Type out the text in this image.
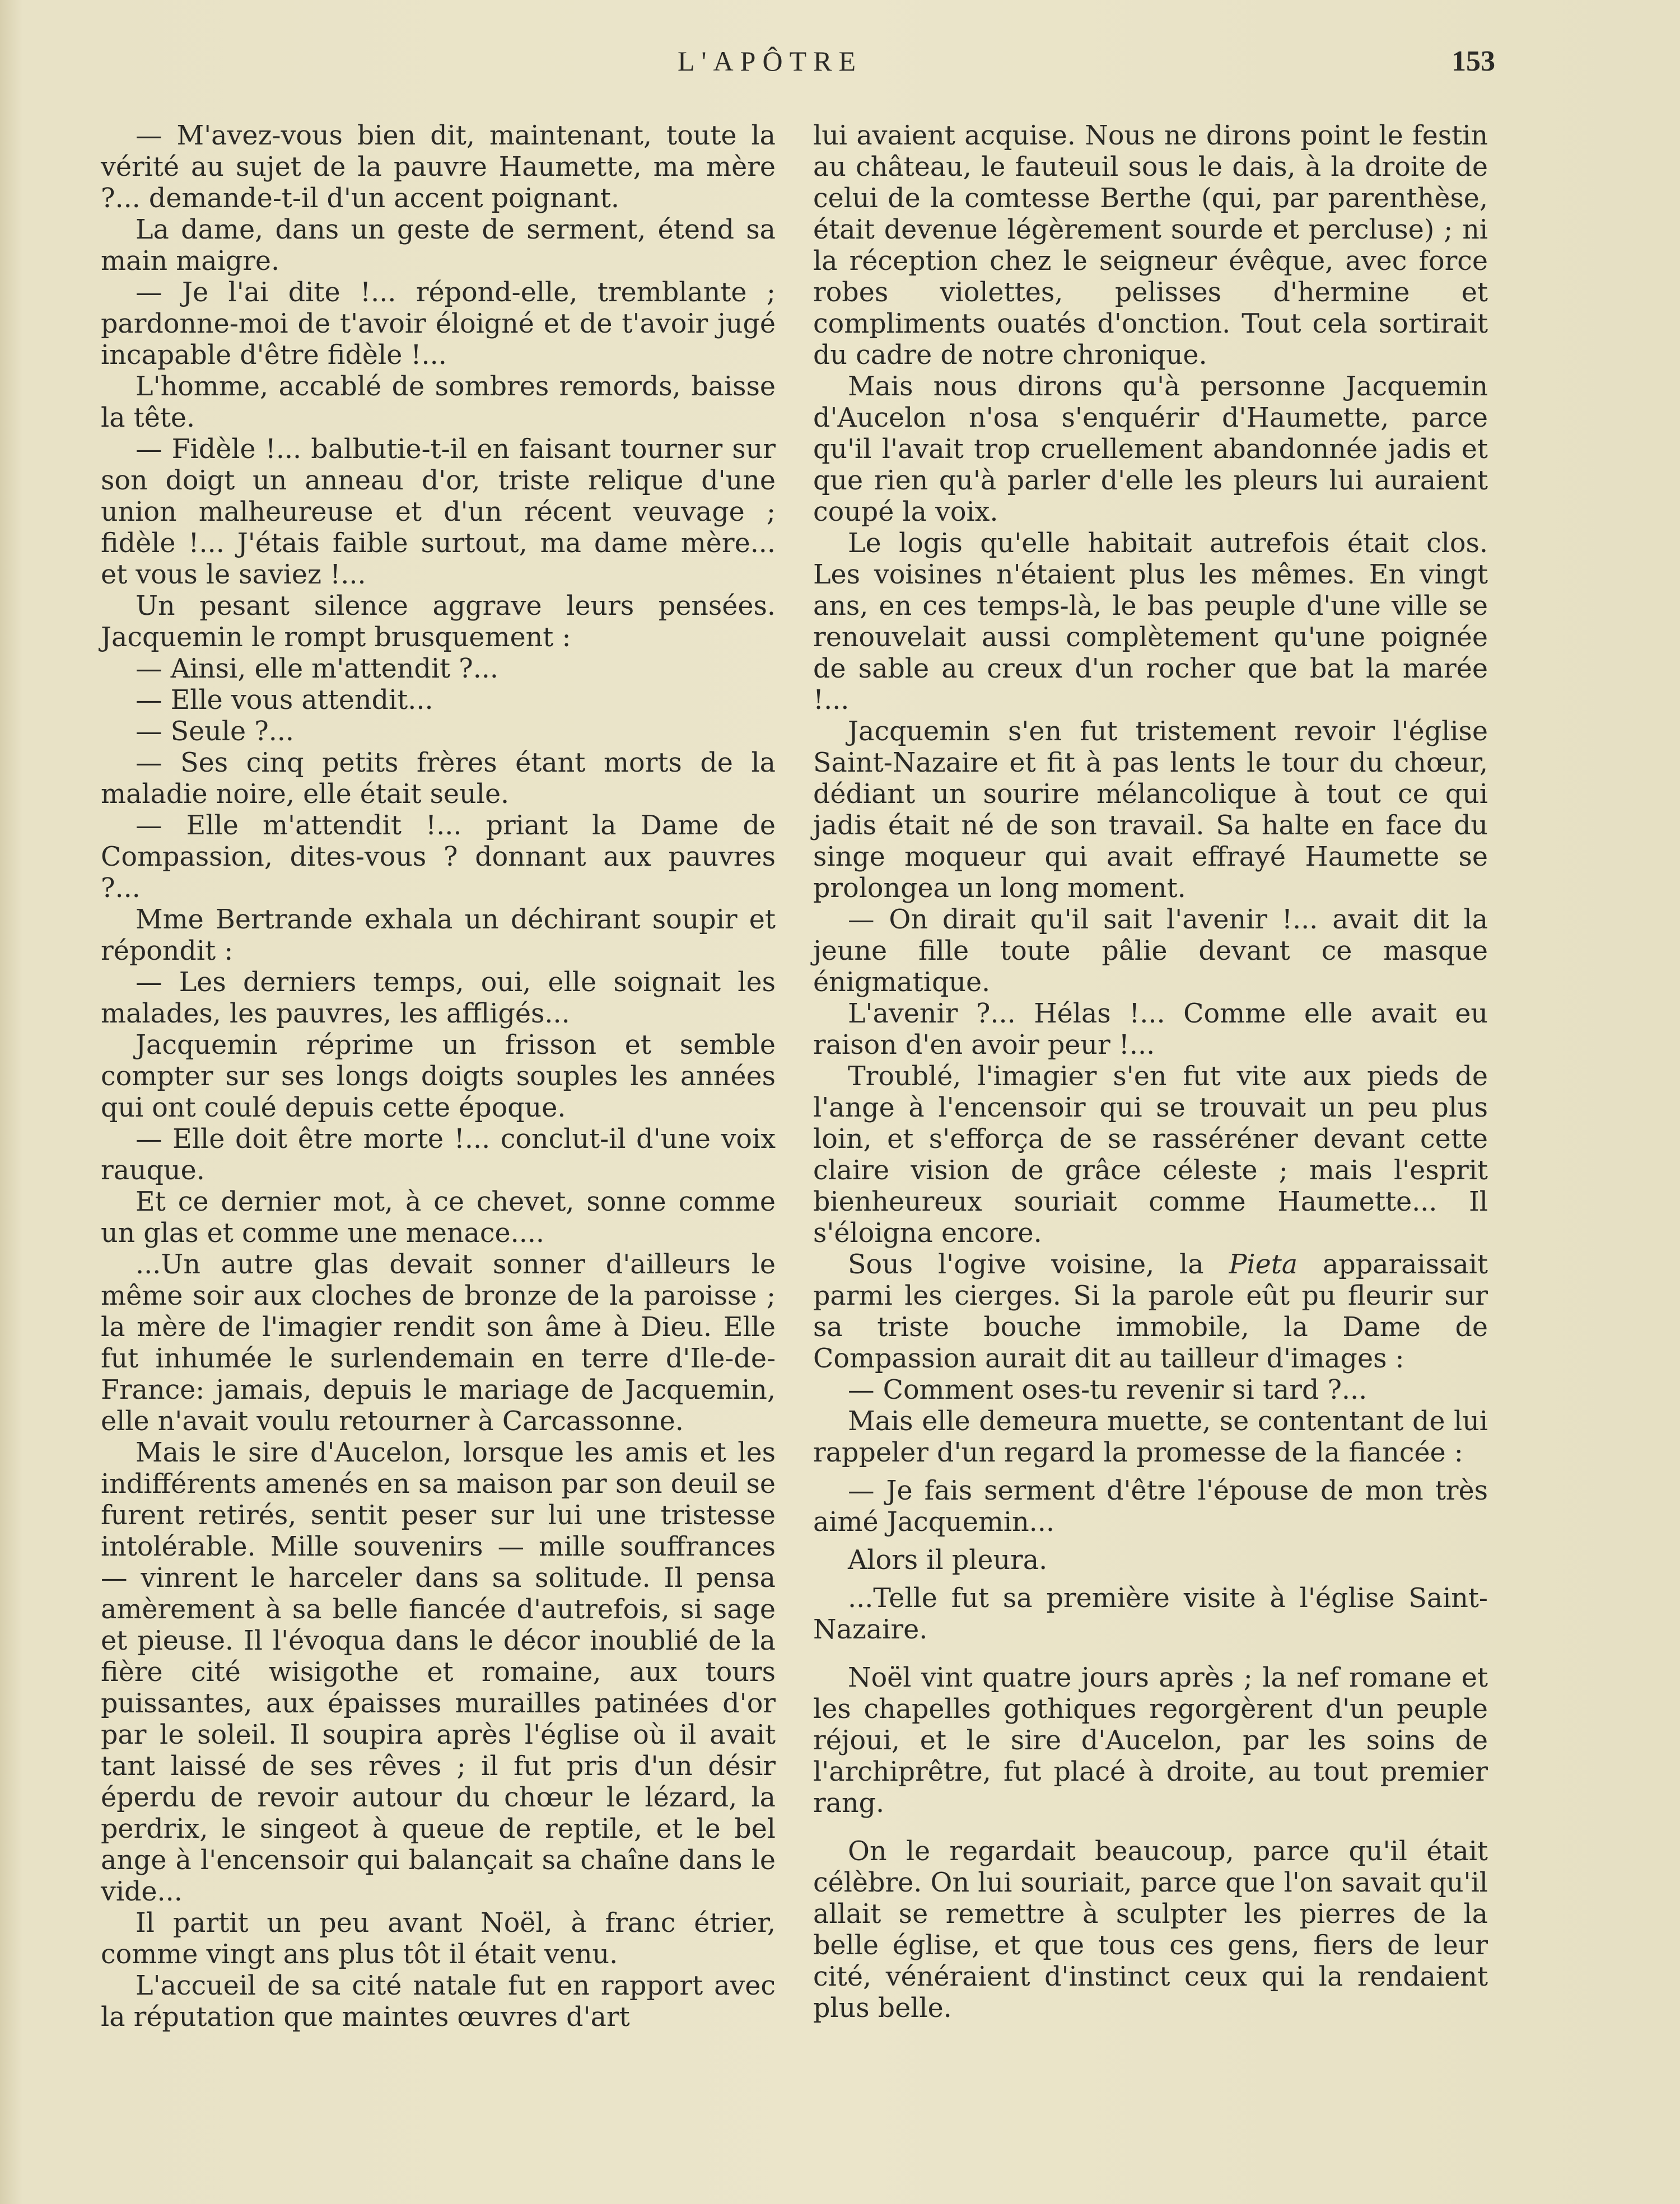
L'APÔTRE	153

— M'avez-vous bien dit, maintenant, toute la vérité au sujet de la pauvre Haumette, ma mère ?... demande-t-il d'un accent poignant.

La dame, dans un geste de serment, étend sa main maigre.

— Je l'ai dite !... répond-elle, tremblante ; pardonne-moi de t'avoir éloigné et de t'avoir jugé incapable d'être fidèle !...

L'homme, accablé de sombres remords, baisse la tête.

— Fidèle !... balbutie-t-il en faisant tourner sur son doigt un anneau d'or, triste relique d'une union malheureuse et d'un récent veuvage ; fidèle !... J'étais faible surtout, ma dame mère... et vous le saviez !...

Un pesant silence aggrave leurs pensées. Jacquemin le rompt brusquement :

— Ainsi, elle m'attendit ?...

— Elle vous attendit...

— Seule ?...

— Ses cinq petits frères étant morts de la maladie noire, elle était seule.

— Elle m'attendit !... priant la Dame de Compassion, dites-vous ? donnant aux pauvres ?...

Mme Bertrande exhala un déchirant soupir et répondit :

— Les derniers temps, oui, elle soignait les malades, les pauvres, les affligés...

Jacquemin réprime un frisson et semble compter sur ses longs doigts souples les années qui ont coulé depuis cette époque.

— Elle doit être morte !... conclut-il d'une voix rauque.

Et ce dernier mot, à ce chevet, sonne comme un glas et comme une menace....

...Un autre glas devait sonner d'ailleurs le même soir aux cloches de bronze de la paroisse ; la mère de l'imagier rendit son âme à Dieu. Elle fut inhumée le surlendemain en terre d'Ile-de-France: jamais, depuis le mariage de Jacquemin, elle n'avait voulu retourner à Carcassonne.

Mais le sire d'Aucelon, lorsque les amis et les indifférents amenés en sa maison par son deuil se furent retirés, sentit peser sur lui une tristesse intolérable. Mille souvenirs — mille souffrances — vinrent le harceler dans sa solitude. Il pensa amèrement à sa belle fiancée d'autrefois, si sage et pieuse. Il l'évoqua dans le décor inoublié de la fière cité wisigothe et romaine, aux tours puissantes, aux épaisses murailles patinées d'or par le soleil. Il soupira après l'église où il avait tant laissé de ses rêves ; il fut pris d'un désir éperdu de revoir autour du chœur le lézard, la perdrix, le singeot à queue de reptile, et le bel ange à l'encensoir qui balançait sa chaîne dans le vide...

Il partit un peu avant Noël, à franc étrier, comme vingt ans plus tôt il était venu.

L'accueil de sa cité natale fut en rapport avec la réputation que maintes œuvres d'art

lui avaient acquise. Nous ne dirons point le festin au château, le fauteuil sous le dais, à la droite de celui de la comtesse Berthe (qui, par parenthèse, était devenue légèrement sourde et percluse) ; ni la réception chez le seigneur évêque, avec force robes violettes, pelisses d'hermine et compliments ouatés d'onction. Tout cela sortirait du cadre de notre chronique.

Mais nous dirons qu'à personne Jacquemin d'Aucelon n'osa s'enquérir d'Haumette, parce qu'il l'avait trop cruellement abandonnée jadis et que rien qu'à parler d'elle les pleurs lui auraient coupé la voix.

Le logis qu'elle habitait autrefois était clos. Les voisines n'étaient plus les mêmes. En vingt ans, en ces temps-là, le bas peuple d'une ville se renouvelait aussi complètement qu'une poignée de sable au creux d'un rocher que bat la marée !...

Jacquemin s'en fut tristement revoir l'église Saint-Nazaire et fit à pas lents le tour du chœur, dédiant un sourire mélancolique à tout ce qui jadis était né de son travail. Sa halte en face du singe moqueur qui avait effrayé Haumette se prolongea un long moment.

— On dirait qu'il sait l'avenir !... avait dit la jeune fille toute pâlie devant ce masque énigmatique.

L'avenir ?... Hélas !... Comme elle avait eu raison d'en avoir peur !...

Troublé, l'imagier s'en fut vite aux pieds de l'ange à l'encensoir qui se trouvait un peu plus loin, et s'efforça de se rasséréner devant cette claire vision de grâce céleste ; mais l'esprit bienheureux souriait comme Haumette... Il s'éloigna encore.

Sous l'ogive voisine, la Pieta apparaissait parmi les cierges. Si la parole eût pu fleurir sur sa triste bouche immobile, la Dame de Compassion aurait dit au tailleur d'images :

— Comment oses-tu revenir si tard ?...

Mais elle demeura muette, se contentant de lui rappeler d'un regard la promesse de la fiancée :

— Je fais serment d'être l'épouse de mon très aimé Jacquemin...

Alors il pleura.

...Telle fut sa première visite à l'église Saint-Nazaire.

Noël vint quatre jours après ; la nef romane et les chapelles gothiques regorgèrent d'un peuple réjoui, et le sire d'Aucelon, par les soins de l'archiprêtre, fut placé à droite, au tout premier rang.

On le regardait beaucoup, parce qu'il était célèbre. On lui souriait, parce que l'on savait qu'il allait se remettre à sculpter les pierres de la belle église, et que tous ces gens, fiers de leur cité, vénéraient d'instinct ceux qui la rendaient plus belle.
